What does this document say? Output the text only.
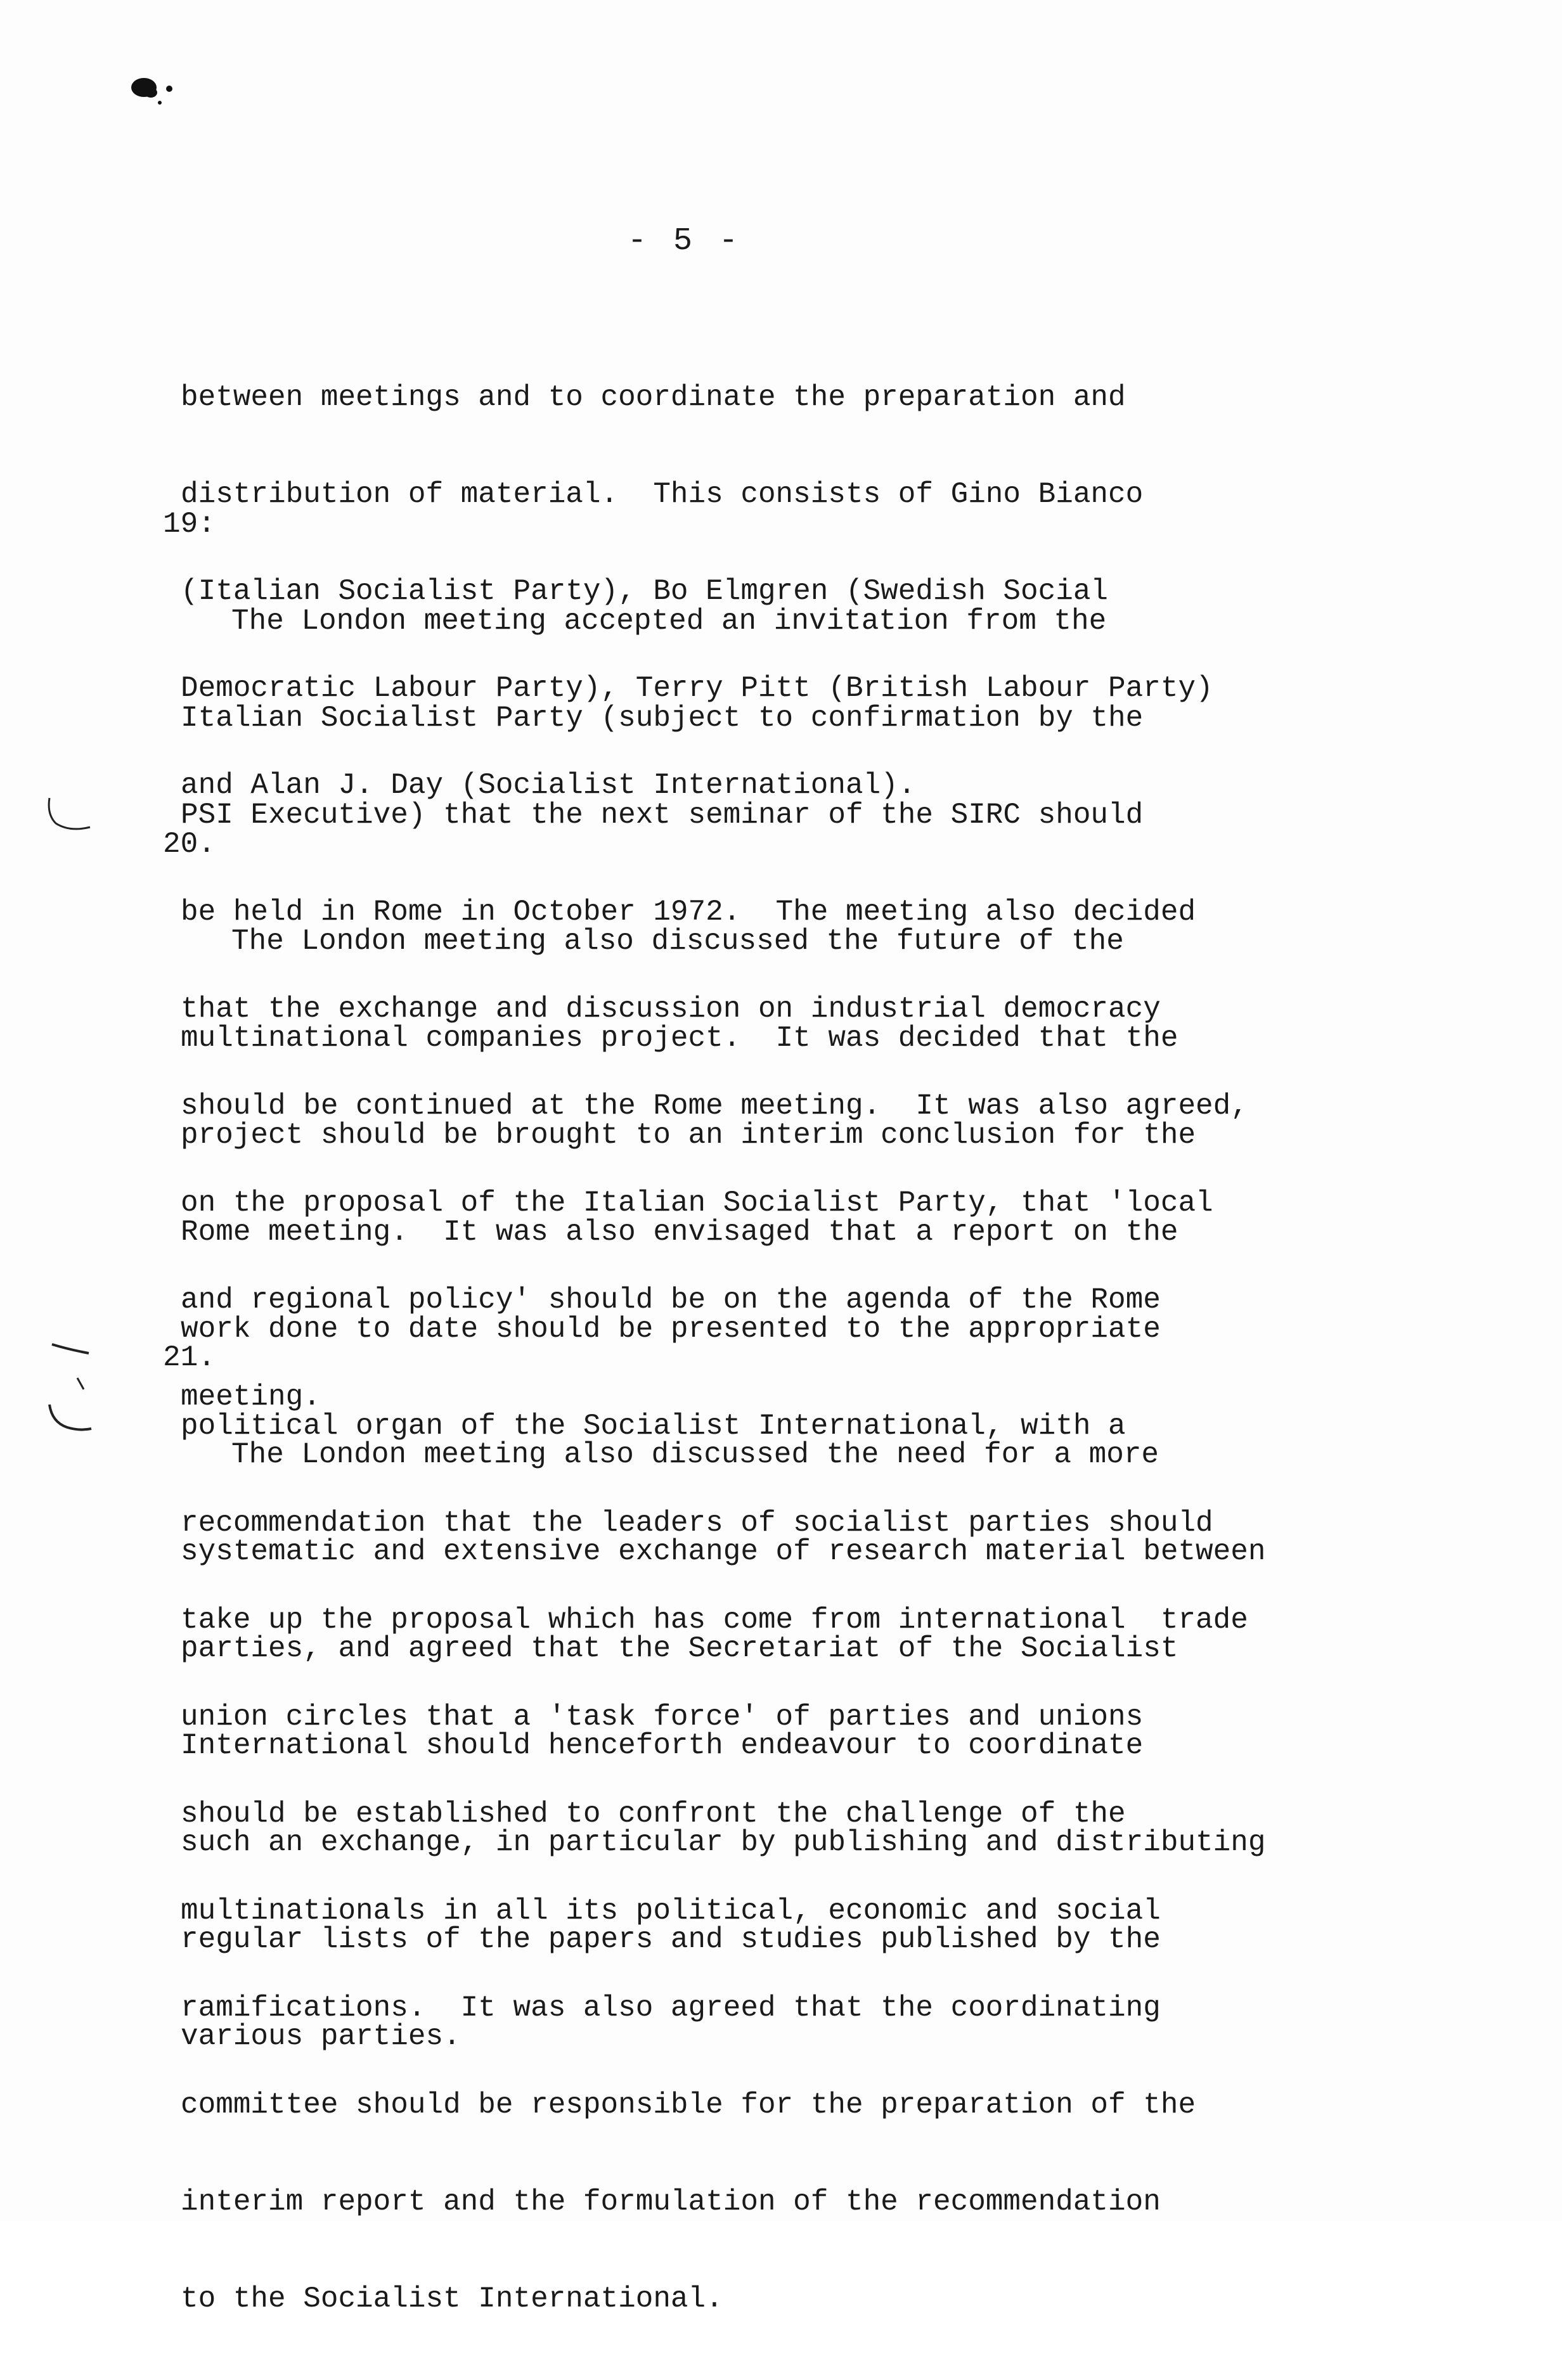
- 5 -

between meetings and to coordinate the preparation and

distribution of material.  This consists of Gino Bianco

(Italian Socialist Party), Bo Elmgren (Swedish Social

Democratic Labour Party), Terry Pitt (British Labour Party)

and Alan J. Day (Socialist International).

19:

The London meeting accepted an invitation from the

Italian Socialist Party (subject to confirmation by the

PSI Executive) that the next seminar of the SIRC should

be held in Rome in October 1972.  The meeting also decided

that the exchange and discussion on industrial democracy

should be continued at the Rome meeting.  It was also agreed,

on the proposal of the Italian Socialist Party, that 'local

and regional policy' should be on the agenda of the Rome

meeting.

20.

The London meeting also discussed the future of the

multinational companies project.  It was decided that the

project should be brought to an interim conclusion for the

Rome meeting.  It was also envisaged that a report on the

work done to date should be presented to the appropriate

political organ of the Socialist International, with a

recommendation that the leaders of socialist parties should

take up the proposal which has come from international  trade

union circles that a 'task force' of parties and unions

should be established to confront the challenge of the

multinationals in all its political, economic and social

ramifications.  It was also agreed that the coordinating

committee should be responsible for the preparation of the

interim report and the formulation of the recommendation

to the Socialist International.

21.

The London meeting also discussed the need for a more

systematic and extensive exchange of research material between

parties, and agreed that the Secretariat of the Socialist

International should henceforth endeavour to coordinate

such an exchange, in particular by publishing and distributing

regular lists of the papers and studies published by the

various parties.
